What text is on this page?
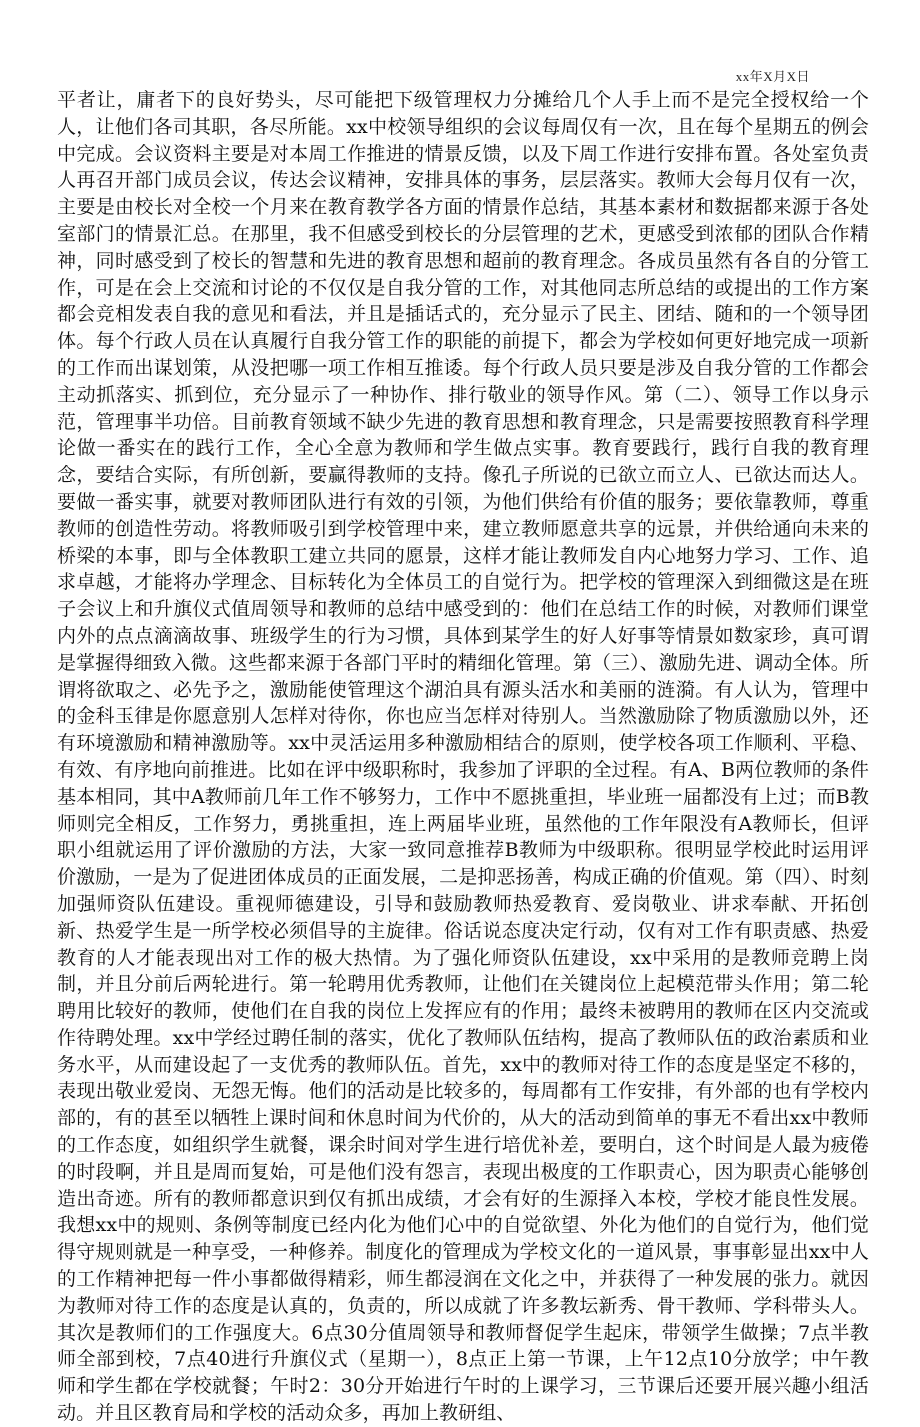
xx年X月X日
平者让，庸者下的良好势头，尽可能把下级管理权力分摊给几个人手上而不是完全授权给一个人，让他们各司其职，各尽所能。xx中校领导组织的会议每周仅有一次，且在每个星期五的例会中完成。会议资料主要是对本周工作推进的情景反馈，以及下周工作进行安排布置。各处室负责人再召开部门成员会议，传达会议精神，安排具体的事务，层层落实。教师大会每月仅有一次，主要是由校长对全校一个月来在教育教学各方面的情景作总结，其基本素材和数据都来源于各处室部门的情景汇总。在那里，我不但感受到校长的分层管理的艺术，更感受到浓郁的团队合作精神，同时感受到了校长的智慧和先进的教育思想和超前的教育理念。各成员虽然有各自的分管工作，可是在会上交流和讨论的不仅仅是自我分管的工作，对其他同志所总结的或提出的工作方案都会竞相发表自我的意见和看法，并且是插话式的，充分显示了民主、团结、随和的一个领导团体。每个行政人员在认真履行自我分管工作的职能的前提下，都会为学校如何更好地完成一项新的工作而出谋划策，从没把哪一项工作相互推诿。每个行政人员只要是涉及自我分管的工作都会主动抓落实、抓到位，充分显示了一种协作、排行敬业的领导作风。第（二）、领导工作以身示范，管理事半功倍。目前教育领域不缺少先进的教育思想和教育理念，只是需要按照教育科学理论做一番实在的践行工作，全心全意为教师和学生做点实事。教育要践行，践行自我的教育理念，要结合实际，有所创新，要赢得教师的支持。像孔子所说的已欲立而立人、已欲达而达人。要做一番实事，就要对教师团队进行有效的引领，为他们供给有价值的服务；要依靠教师，尊重教师的创造性劳动。将教师吸引到学校管理中来，建立教师愿意共享的远景，并供给通向未来的桥梁的本事，即与全体教职工建立共同的愿景，这样才能让教师发自内心地努力学习、工作、追求卓越，才能将办学理念、目标转化为全体员工的自觉行为。把学校的管理深入到细微这是在班子会议上和升旗仪式值周领导和教师的总结中感受到的：他们在总结工作的时候，对教师们课堂内外的点点滴滴故事、班级学生的行为习惯，具体到某学生的好人好事等情景如数家珍，真可谓是掌握得细致入微。这些都来源于各部门平时的精细化管理。第（三）、激励先进、调动全体。所谓将欲取之、必先予之，激励能使管理这个湖泊具有源头活水和美丽的涟漪。有人认为，管理中的金科玉律是你愿意别人怎样对待你，你也应当怎样对待别人。当然激励除了物质激励以外，还有环境激励和精神激励等。xx中灵活运用多种激励相结合的原则，使学校各项工作顺利、平稳、有效、有序地向前推进。比如在评中级职称时，我参加了评职的全过程。有A、B两位教师的条件基本相同，其中A教师前几年工作不够努力，工作中不愿挑重担，毕业班一届都没有上过；而B教师则完全相反，工作努力，勇挑重担，连上两届毕业班，虽然他的工作年限没有A教师长，但评职小组就运用了评价激励的方法，大家一致同意推荐B教师为中级职称。很明显学校此时运用评价激励，一是为了促进团体成员的正面发展，二是抑恶扬善，构成正确的价值观。第（四）、时刻加强师资队伍建设。重视师德建设，引导和鼓励教师热爱教育、爱岗敬业、讲求奉献、开拓创新、热爱学生是一所学校必须倡导的主旋律。俗话说态度决定行动，仅有对工作有职责感、热爱教育的人才能表现出对工作的极大热情。为了强化师资队伍建设，xx中采用的是教师竞聘上岗制，并且分前后两轮进行。第一轮聘用优秀教师，让他们在关键岗位上起模范带头作用；第二轮聘用比较好的教师，使他们在自我的岗位上发挥应有的作用；最终未被聘用的教师在区内交流或作待聘处理。xx中学经过聘任制的落实，优化了教师队伍结构，提高了教师队伍的政治素质和业务水平，从而建设起了一支优秀的教师队伍。首先，xx中的教师对待工作的态度是坚定不移的，表现出敬业爱岗、无怨无悔。他们的活动是比较多的，每周都有工作安排，有外部的也有学校内部的，有的甚至以牺牲上课时间和休息时间为代价的，从大的活动到简单的事无不看出xx中教师的工作态度，如组织学生就餐，课余时间对学生进行培优补差，要明白，这个时间是人最为疲倦的时段啊，并且是周而复始，可是他们没有怨言，表现出极度的工作职责心，因为职责心能够创造出奇迹。所有的教师都意识到仅有抓出成绩，才会有好的生源择入本校，学校才能良性发展。我想xx中的规则、条例等制度已经内化为他们心中的自觉欲望、外化为他们的自觉行为，他们觉得守规则就是一种享受，一种修养。制度化的管理成为学校文化的一道风景，事事彰显出xx中人的工作精神把每一件小事都做得精彩，师生都浸润在文化之中，并获得了一种发展的张力。就因为教师对待工作的态度是认真的，负责的，所以成就了许多教坛新秀、骨干教师、学科带头人。其次是教师们的工作强度大。6点30分值周领导和教师督促学生起床，带领学生做操；7点半教师全部到校，7点40进行升旗仪式（星期一），8点正上第一节课，上午12点10分放学；中午教师和学生都在学校就餐；午时2：30分开始进行午时的上课学习，三节课后还要开展兴趣小组活动。并且区教育局和学校的活动众多，再加上教研组、
